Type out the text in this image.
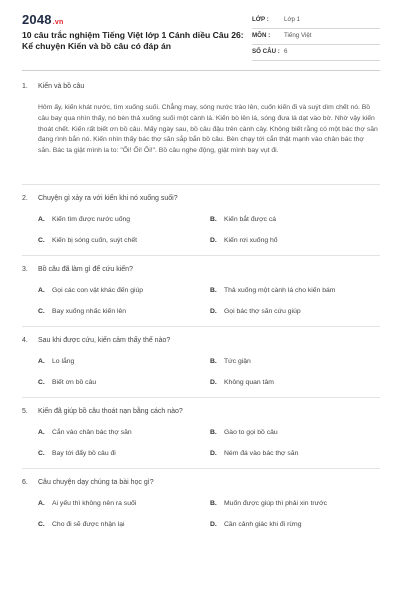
2048.vn
10 câu trắc nghiệm Tiếng Việt lớp 1 Cánh diều Câu 26: Kể chuyện Kiến và bồ câu có đáp án
LỚP : Lớp 1
MÔN : Tiếng Việt
SỐ CÂU : 6
1. Kiến và bồ câu
Hôm ấy, kiến khát nước, tìm xuống suối. Chẳng may, sóng nước trào lên, cuốn kiến đi và suýt dìm chết nó. Bồ câu bay qua nhìn thấy, nó bèn thả xuống suối một cành lá. Kiến bò lên lá, sóng đưa lá dạt vào bờ. Nhờ vậy kiến thoát chết. Kiến rất biết ơn bồ câu. Mấy ngày sau, bồ câu đậu trên cành cây. Không biết rằng có một bác thợ săn đang rình bắn nó. Kiến nhìn thấy bác thợ săn sắp bắn bồ câu. Bèn chạy tới cắn thật mạnh vào chân bác thợ săn. Bác ta giật mình la to: "Ối! Ối! Ối!". Bồ câu nghe động, giật mình bay vụt đi.
2. Chuyện gì xảy ra với kiến khi nó xuống suối?
A. Kiến tìm được nước uống	B. Kiến bắt được cá
C. Kiến bị sóng cuốn, suýt chết	D. Kiến rơi xuống hố
3. Bồ câu đã làm gì để cứu kiến?
A. Gọi các con vật khác đến giúp	B. Thả xuống một cành lá cho kiến bám
C. Bay xuống nhấc kiến lên	D. Gọi bác thợ săn cứu giúp
4. Sau khi được cứu, kiến cảm thấy thế nào?
A. Lo lắng	B. Tức giận
C. Biết ơn bồ câu	D. Không quan tâm
5. Kiến đã giúp bồ câu thoát nạn bằng cách nào?
A. Cắn vào chân bác thợ săn	B. Gào to gọi bồ câu
C. Bay tới đẩy bồ câu đi	D. Ném đá vào bác thợ săn
6. Câu chuyện dạy chúng ta bài học gì?
A. Ai yếu thì không nên ra suối	B. Muốn được giúp thì phải xin trước
C. Cho đi sẽ được nhận lại	D. Cần cảnh giác khi đi rừng
